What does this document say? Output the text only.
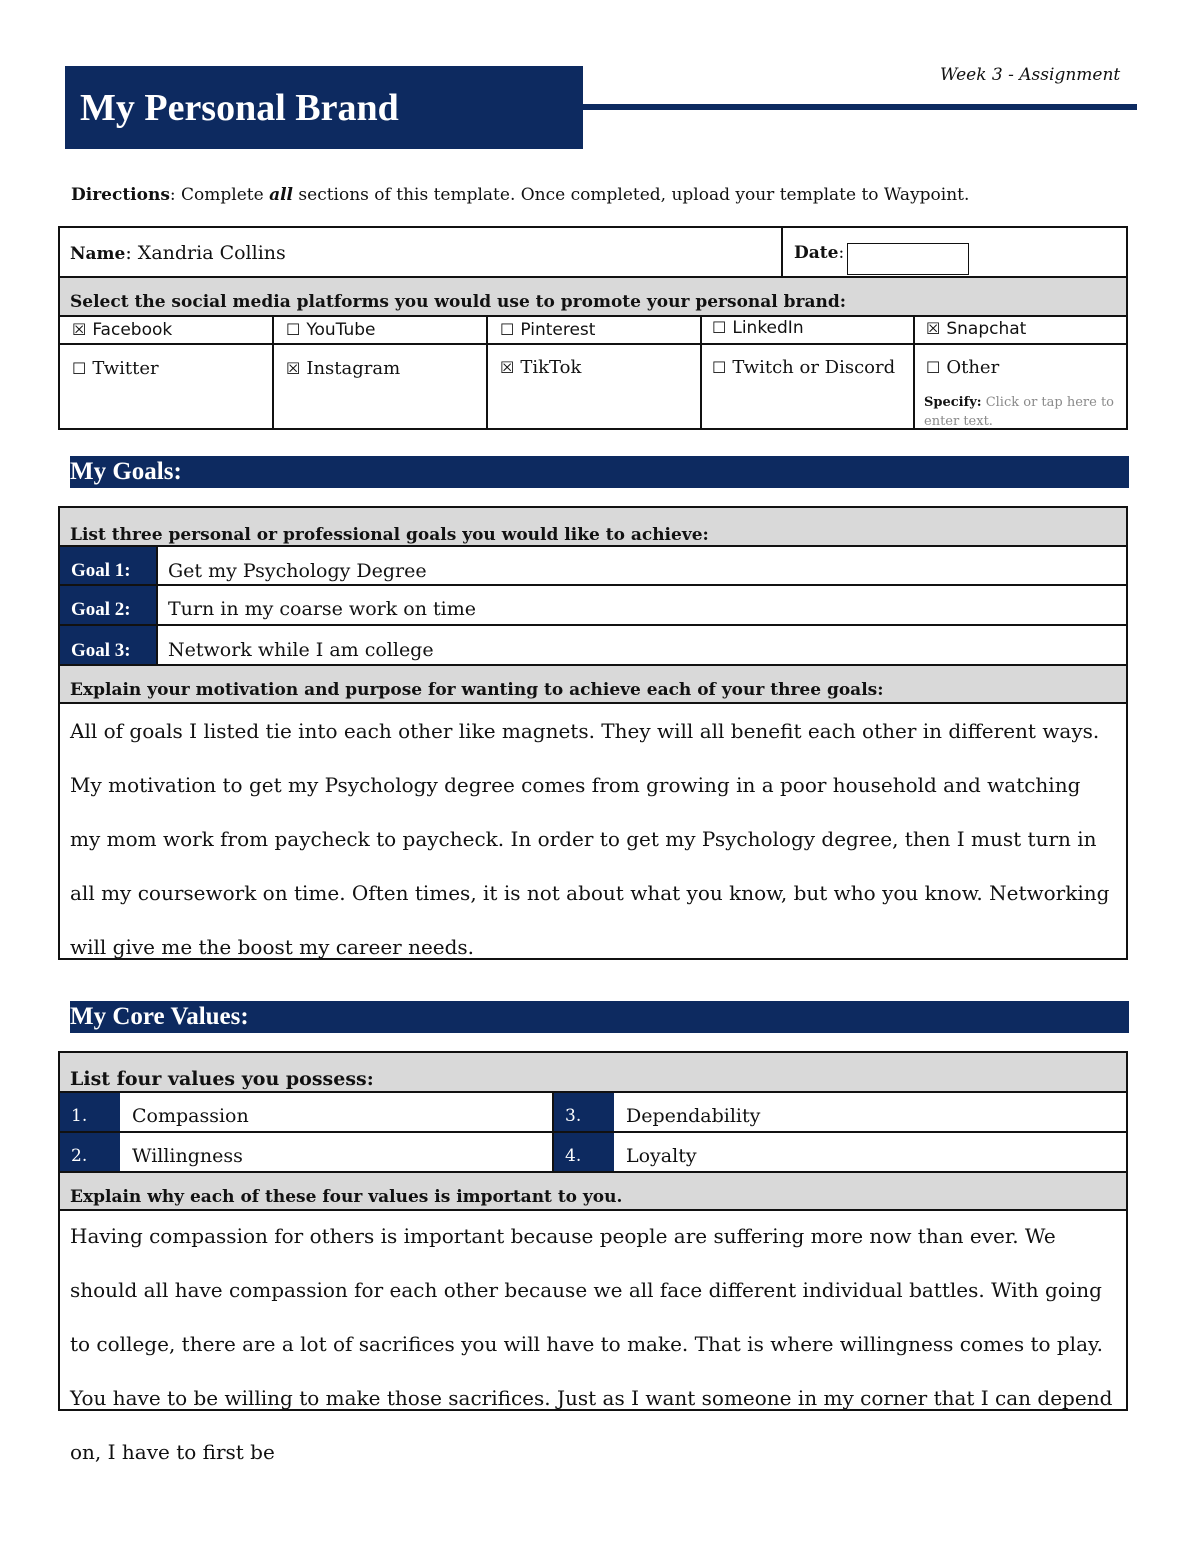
My Personal Brand
Week 3 - Assignment
Directions: Complete all sections of this template. Once completed, upload your template to Waypoint.
Name: Xandria Collins	Date:
Select the social media platforms you would use to promote your personal brand:
☒ Facebook	☐ YouTube	☐ Pinterest	☐ LinkedIn	☒ Snapchat
☐ Twitter	☒ Instagram	☒ TikTok	☐ Twitch or Discord ☐ Other
Specify: Click or tap here to enter text.
My Goals:
List three personal or professional goals you would like to achieve:
Goal 1:	Get my Psychology Degree
Goal 2:	Turn in my coarse work on time
Goal 3:	Network while I am college
Explain your motivation and purpose for wanting to achieve each of your three goals:
All of goals I listed tie into each other like magnets. They will all benefit each other in different ways. My motivation to get my Psychology degree comes from growing in a poor household and watching my mom work from paycheck to paycheck. In order to get my Psychology degree, then I must turn in all my coursework on time. Often times, it is not about what you know, but who you know. Networking will give me the boost my career needs.
My Core Values:
List four values you possess:
1.	Compassion	3.	Dependability
2.	Willingness	4.	Loyalty
Explain why each of these four values is important to you.
Having compassion for others is important because people are suffering more now than ever. We should all have compassion for each other because we all face different individual battles. With going to college, there are a lot of sacrifices you will have to make. That is where willingness comes to play. You have to be willing to make those sacrifices. Just as I want someone in my corner that I can depend on, I have to first be
